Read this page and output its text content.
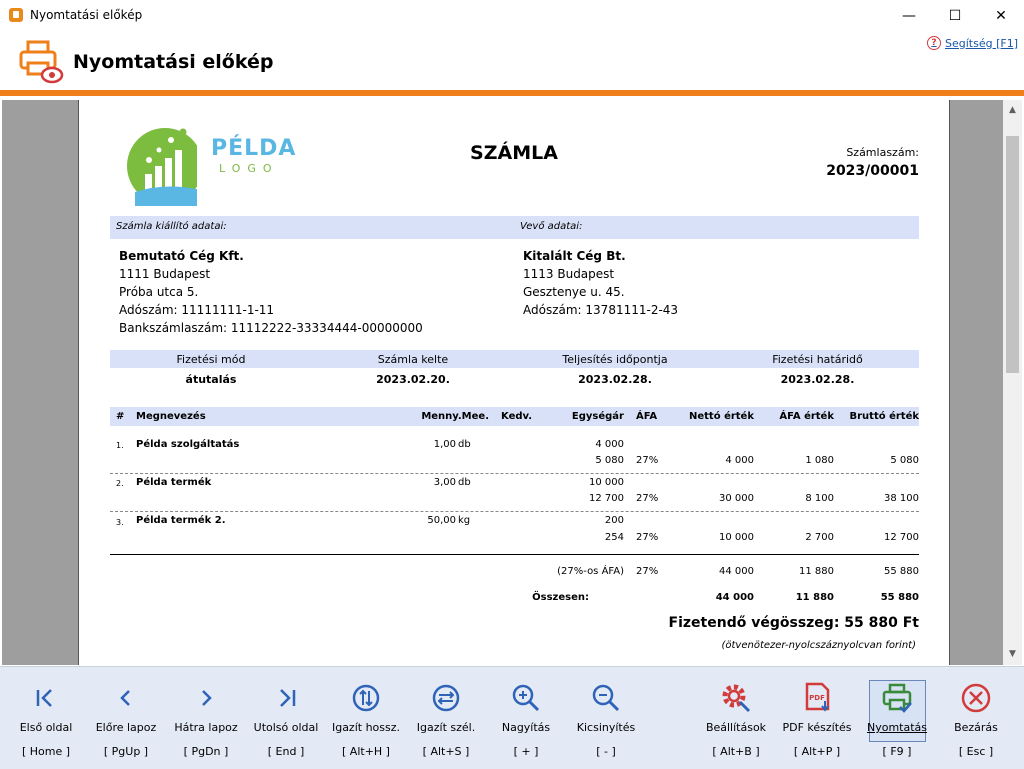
Nyomtatási előkép	—	☐	✕
Nyomtatási előkép
? Segítség [F1]
PÉLDA
LOGO
SZÁMLA	Számlaszám:
2023/00001
Számla kiállító adatai:	Vevő adatai:
Bemutató Cég Kft.
1111 Budapest
Próba utca 5.
Adószám: 11111111-1-11
Bankszámlaszám: 11112222-33334444-00000000
Kitalált Cég Bt.
1113 Budapest
Gesztenye u. 45.
Adószám: 13781111-2-43
Fizetési mód	Számla kelte	Teljesítés időpontja	Fizetési határidő
átutalás	2023.02.20.	2023.02.28.	2023.02.28.
# Megnevezés	Menny.Mee. Kedv.	Egységár ÁFA	Nettó érték	ÁFA érték	Bruttó érték
1. Példa szolgáltatás	1,00 db	4 000
5 080 27%	4 000	1 080	5 080
2. Példa termék	3,00 db	10 000
12 700 27%	30 000	8 100	38 100
3. Példa termék 2.	50,00 kg	200
254 27%	10 000	2 700	12 700
(27%-os ÁFA) 27%	44 000	11 880	55 880
Összesen:	44 000	11 880	55 880
Fizetendő végösszeg: 55 880 Ft
(ötvenötezer-nyolcszáznyolcvan forint)
▲
▼
Első oldal
[ Home ]
Előre lapoz
[ PgUp ]
Hátra lapoz
[ PgDn ]
Utolsó oldal
[ End ]
Igazít hossz.
[ Alt+H ]
Igazít szél.
[ Alt+S ]
Nagyítás
[ + ]
Kicsinyítés
[ - ]
Beállítások
[ Alt+B ]
PDF
PDF készítés
[ Alt+P ]
Nyomtatás
[ F9 ]
Bezárás
[ Esc ]
